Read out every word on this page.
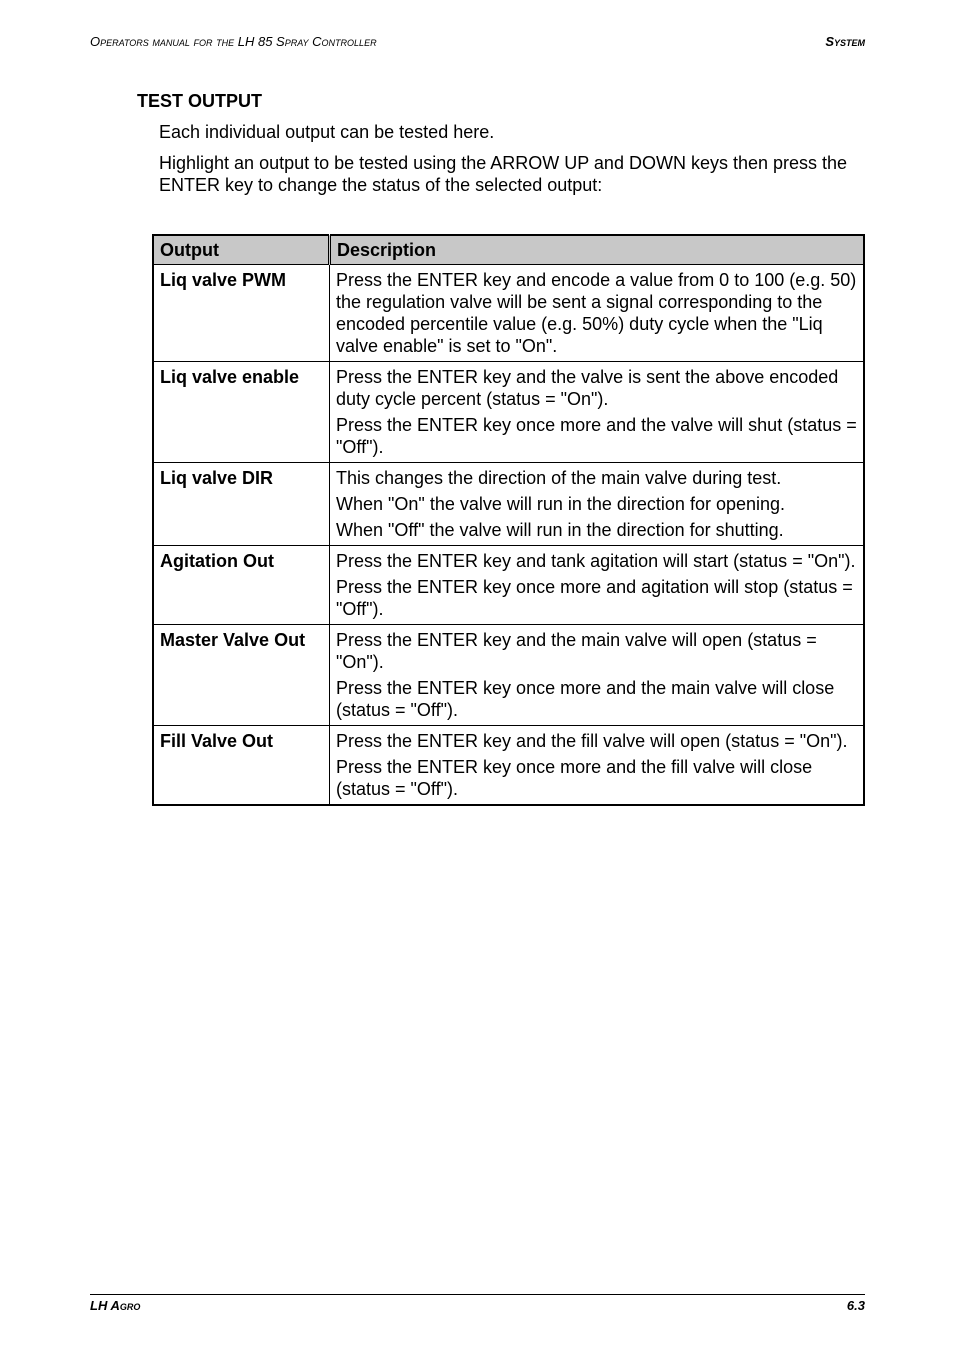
Operators manual for the LH 85 Spray Controller	System
TEST OUTPUT
Each individual output can be tested here.
Highlight an output to be tested using the ARROW UP and DOWN keys then press the ENTER key to change the status of the selected output:
Output	Description
Liq valve PWM	Press the ENTER key and encode a value from 0 to 100 (e.g. 50) the regulation valve will be sent a signal corresponding to the encoded percentile value (e.g. 50%) duty cycle when the "Liq valve enable" is set to "On".

Liq valve enable	Press the ENTER key and the valve is sent the above encoded duty cycle percent (status = "On").
Press the ENTER key once more and the valve will shut (status = "Off").

Liq valve DIR	This changes the direction of the main valve during test.
When "On" the valve will run in the direction for opening.
When "Off" the valve will run in the direction for shutting.

Agitation Out	Press the ENTER key and tank agitation will start (status = "On").
Press the ENTER key once more and agitation will stop (status = "Off").

Master Valve Out	Press the ENTER key and the main valve will open (status = "On").
Press the ENTER key once more and the main valve will close (status = "Off").

Fill Valve Out	Press the ENTER key and the fill valve will open (status = "On").
Press the ENTER key once more and the fill valve will close (status = "Off").
LH Agro	6.3
